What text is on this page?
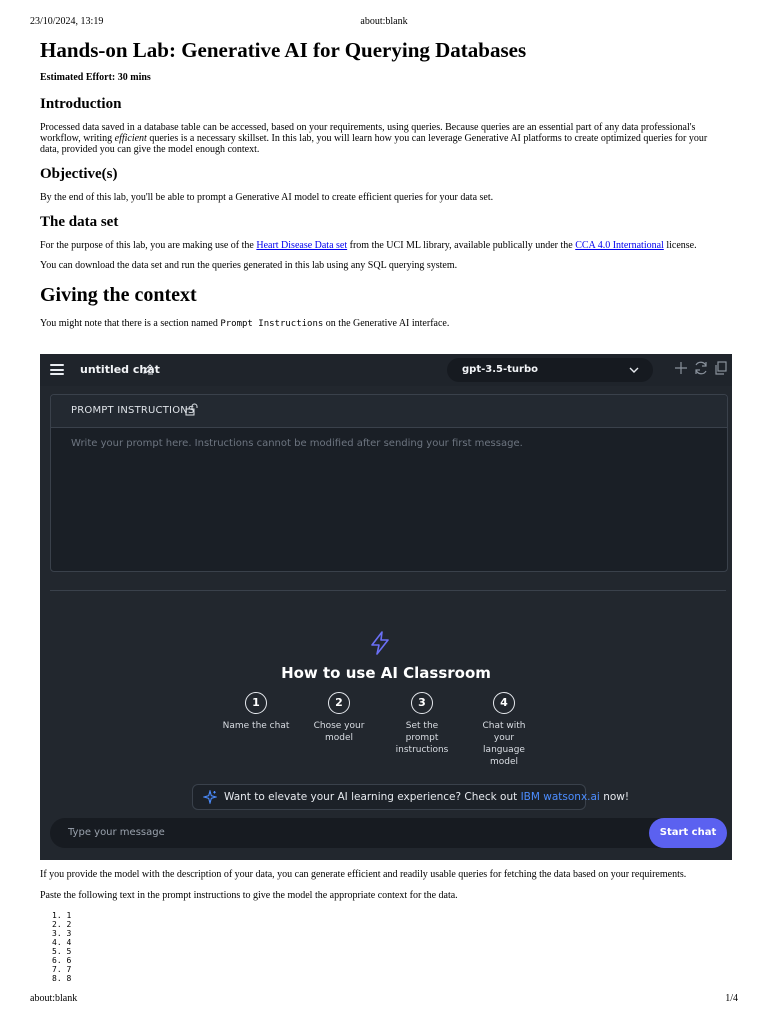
23/10/2024, 13:19	about:blank
Hands-on Lab: Generative AI for Querying Databases
Estimated Effort: 30 mins
Introduction

Processed data saved in a database table can be accessed, based on your requirements, using queries. Because queries are an essential part of any data professional's workflow, writing efficient queries is a necessary skillset. In this lab, you will learn how you can leverage Generative AI platforms to create optimized queries for your data, provided you can give the model enough context.

Objective(s)

By the end of this lab, you'll be able to prompt a Generative AI model to create efficient queries for your data set.

The data set

For the purpose of this lab, you are making use of the Heart Disease Data set from the UCI ML library, available publically under the CCA 4.0 International license.

You can download the data set and run the queries generated in this lab using any SQL querying system.

Giving the context

You might note that there is a section named Prompt Instructions on the Generative AI interface.

untitled chat	gpt-3.5-turbo
PROMPT INSTRUCTIONS
Write your prompt here. Instructions cannot be modified after sending your first message.
How to use AI Classroom
1
Name the chat
2
Chose your model
3
Set the prompt instructions
4
Chat with your language model
Want to elevate your AI learning experience? Check out IBM watsonx.ai now!
Type your message	Start chat

If you provide the model with the description of your data, you can generate efficient and readily usable queries for fetching the data based on your requirements.

Paste the following text in the prompt instructions to give the model the appropriate context for the data.

1. 1
2. 2
3. 3
4. 4
5. 5
6. 6
7. 7
8. 8
about:blank	1/4
